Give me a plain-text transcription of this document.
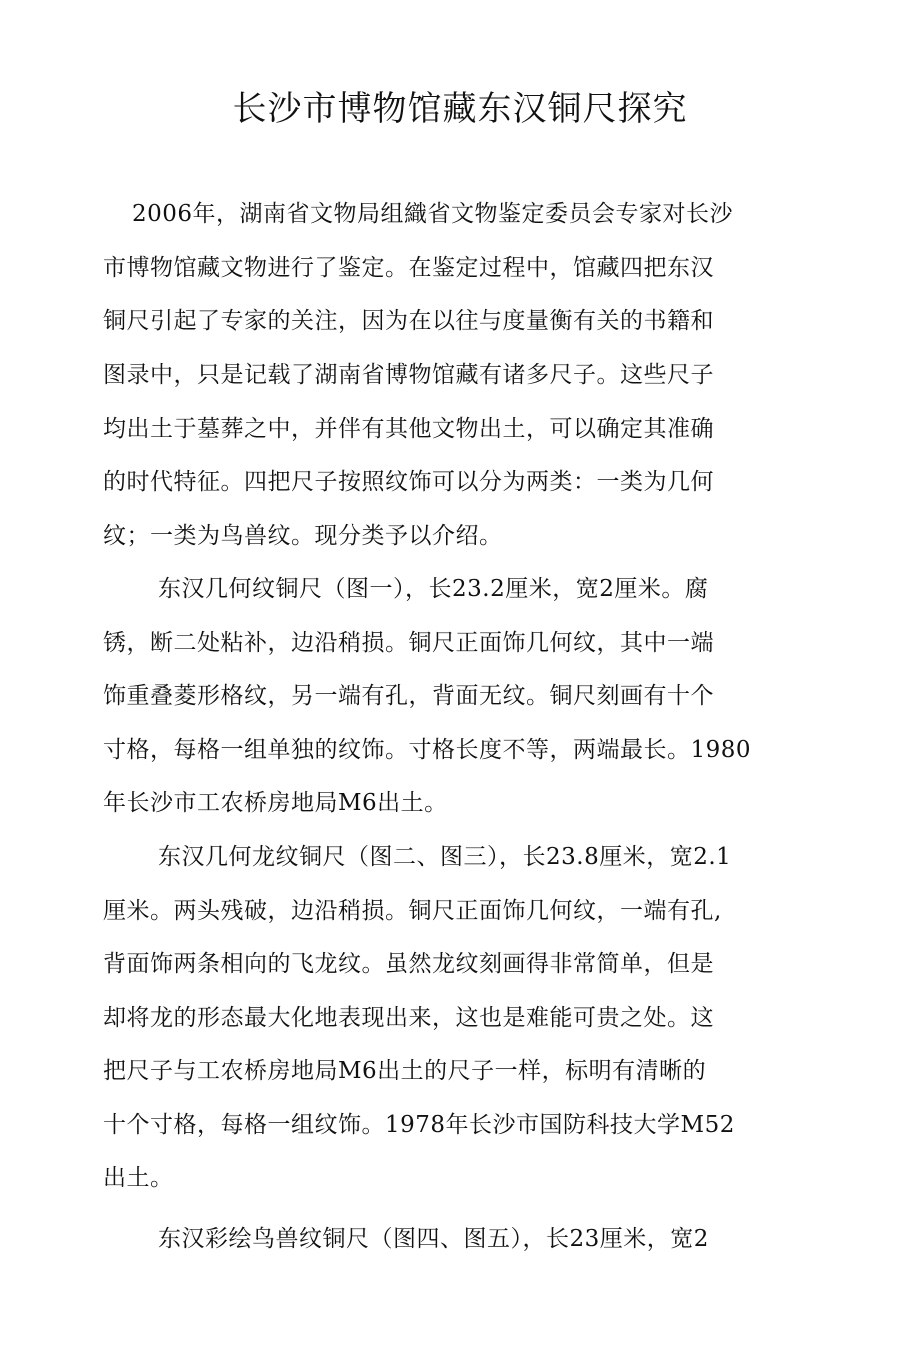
长沙市博物馆藏东汉铜尺探究
2006年，湖南省文物局组織省文物鉴定委员会专家对长沙
市博物馆藏文物进行了鉴定。在鉴定过程中，馆藏四把东汉
铜尺引起了专家的关注，因为在以往与度量衡有关的书籍和
图录中，只是记载了湖南省博物馆藏有诸多尺子。这些尺子
均出土于墓葬之中，并伴有其他文物出土，可以确定其准确
的时代特征。四把尺子按照纹饰可以分为两类：一类为几何
纹；一类为鸟兽纹。现分类予以介绍。
东汉几何纹铜尺（图一），长23.2厘米，宽2厘米。腐
锈，断二处粘补，边沿稍损。铜尺正面饰几何纹，其中一端
饰重叠菱形格纹，另一端有孔，背面无纹。铜尺刻画有十个
寸格，每格一组单独的纹饰。寸格长度不等，两端最长。1980
年长沙市工农桥房地局M6出土。
东汉几何龙纹铜尺（图二、图三），长23.8厘米，宽2.1
厘米。两头残破，边沿稍损。铜尺正面饰几何纹，一端有孔,
背面饰两条相向的飞龙纹。虽然龙纹刻画得非常简单，但是
却将龙的形态最大化地表现出来，这也是难能可贵之处。这
把尺子与工农桥房地局M6出土的尺子一样，标明有清晰的
十个寸格，每格一组纹饰。1978年长沙市国防科技大学M52
出土。
东汉彩绘鸟兽纹铜尺（图四、图五），长23厘米，宽2
